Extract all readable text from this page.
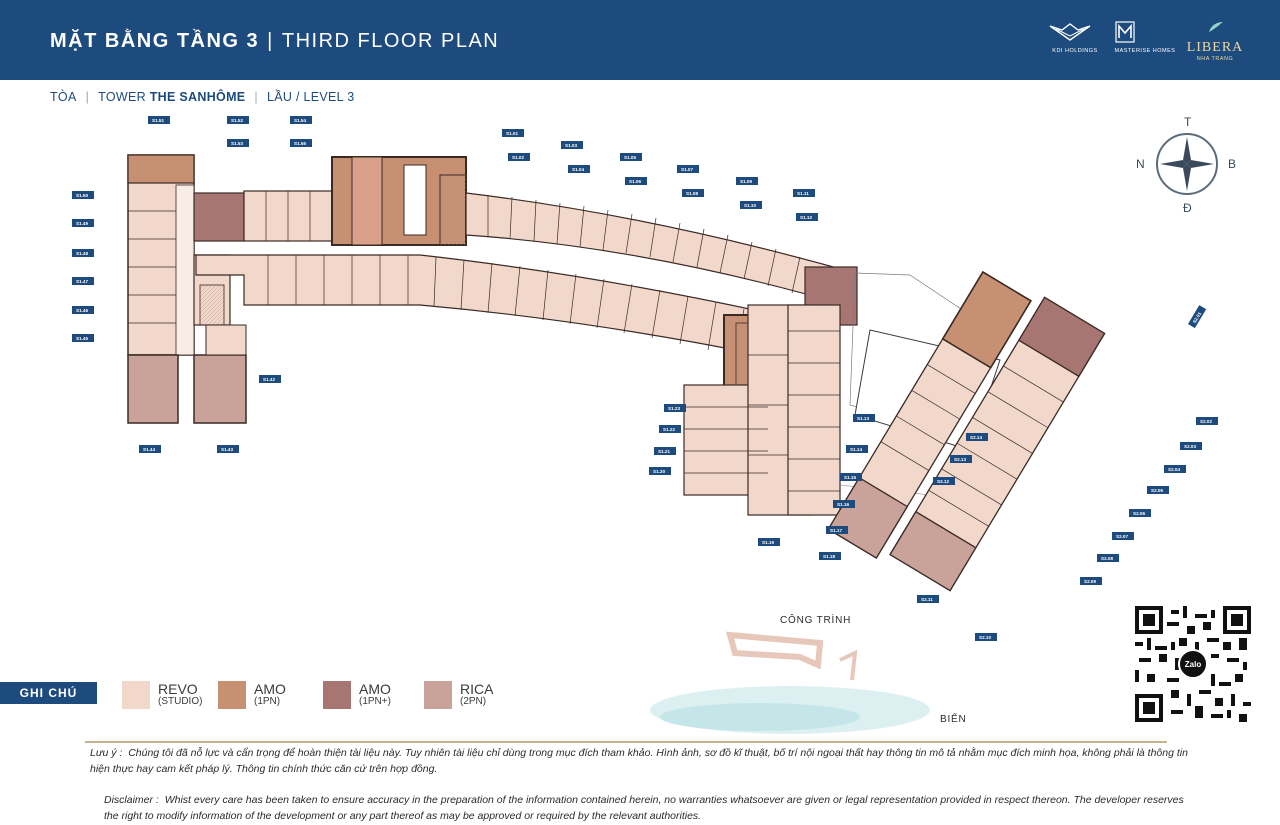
MẶT BẰNG TẦNG 3 | THIRD FLOOR PLAN	KDI HOLDINGS	MASTERISE HOMES LIBERA
NHA TRANG
TÒA | TOWER THE SANHÔME | LẦU / LEVEL 3
T
N	B
Đ
S1.50
S1.49
S1.48
S1.47
S1.46
S1.45
S1.51	S1.52
S1.53
S1.54
S1.55
S1.01
S1.02
S1.03
S1.04
S1.05
S1.06
S1.07
S1.08
S1.09
S1.10
S1.11
S1.12
S1.44	S1.43
S1.42
S1.13
S1.14
S1.15
S1.16
S1.17
S1.18
S1.19
S1.20
S1.21
S1.22
S1.23
S2.01
S2.02
S2.03
S2.04
S2.05
S2.06
S2.07
S2.08
S2.09
S2.10
S2.11
S2.12
S2.13
S2.14
CÔNG TRÌNH
BIỂN
GHI CHÚ	REVO
(STUDIO)
AMO
(1PN)
AMO
(1PN+)
RICA
(2PN)
Zalo
Lưu ý : Chúng tôi đã nỗ lực và cẩn trọng để hoàn thiện tài liệu này. Tuy nhiên tài liệu chỉ dùng trong mục đích tham khảo. Hình ảnh, sơ đồ kĩ thuật, bố trí nội ngoại thất hay thông tin mô tả nhằm mục đích minh họa, không phải là thông tin hiện thực hay cam kết pháp lý. Thông tin chính thức căn cứ trên hợp đồng.
Disclaimer : Whist every care has been taken to ensure accuracy in the preparation of the information contained herein, no warranties whatsoever are given or legal representation provided in respect thereon. The developer reserves the right to modify information of the development or any part thereof as may be approved or required by the relevant authorities.
